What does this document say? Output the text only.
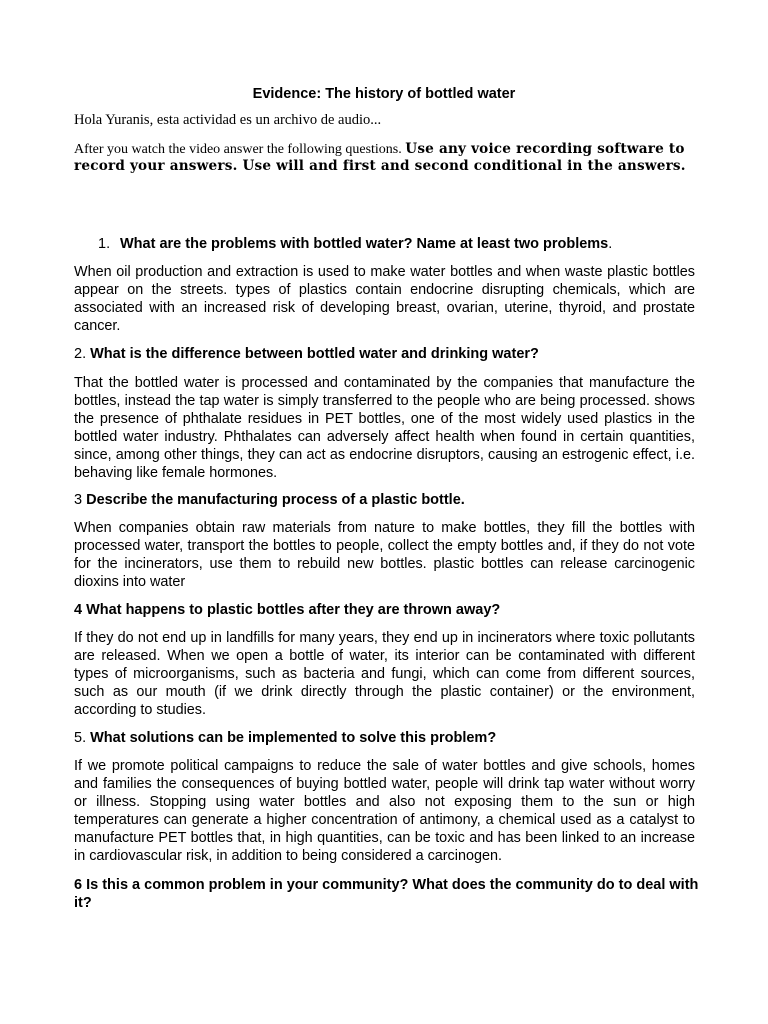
Evidence: The history of bottled water
Hola Yuranis, esta actividad es un archivo de audio...
After you watch the video answer the following questions. Use any voice recording software to record your answers. Use will and first and second conditional in the answers.
1. What are the problems with bottled water? Name at least two problems.
When oil production and extraction is used to make water bottles and when waste plastic bottles appear on the streets. types of plastics contain endocrine disrupting chemicals, which are associated with an increased risk of developing breast, ovarian, uterine, thyroid, and prostate cancer.
2. What is the difference between bottled water and drinking water?
That the bottled water is processed and contaminated by the companies that manufacture the bottles, instead the tap water is simply transferred to the people who are being processed. shows the presence of phthalate residues in PET bottles, one of the most widely used plastics in the bottled water industry. Phthalates can adversely affect health when found in certain quantities, since, among other things, they can act as endocrine disruptors, causing an estrogenic effect, i.e. behaving like female hormones.
3 Describe the manufacturing process of a plastic bottle.
When companies obtain raw materials from nature to make bottles, they fill the bottles with processed water, transport the bottles to people, collect the empty bottles and, if they do not vote for the incinerators, use them to rebuild new bottles. plastic bottles can release carcinogenic dioxins into water
4 What happens to plastic bottles after they are thrown away?
If they do not end up in landfills for many years, they end up in incinerators where toxic pollutants are released. When we open a bottle of water, its interior can be contaminated with different types of microorganisms, such as bacteria and fungi, which can come from different sources, such as our mouth (if we drink directly through the plastic container) or the environment, according to studies.
5. What solutions can be implemented to solve this problem?
If we promote political campaigns to reduce the sale of water bottles and give schools, homes and families the consequences of buying bottled water, people will drink tap water without worry or illness. Stopping using water bottles and also not exposing them to the sun or high temperatures can generate a higher concentration of antimony, a chemical used as a catalyst to manufacture PET bottles that, in high quantities, can be toxic and has been linked to an increase in cardiovascular risk, in addition to being considered a carcinogen.
6 Is this a common problem in your community? What does the community do to deal with it?
